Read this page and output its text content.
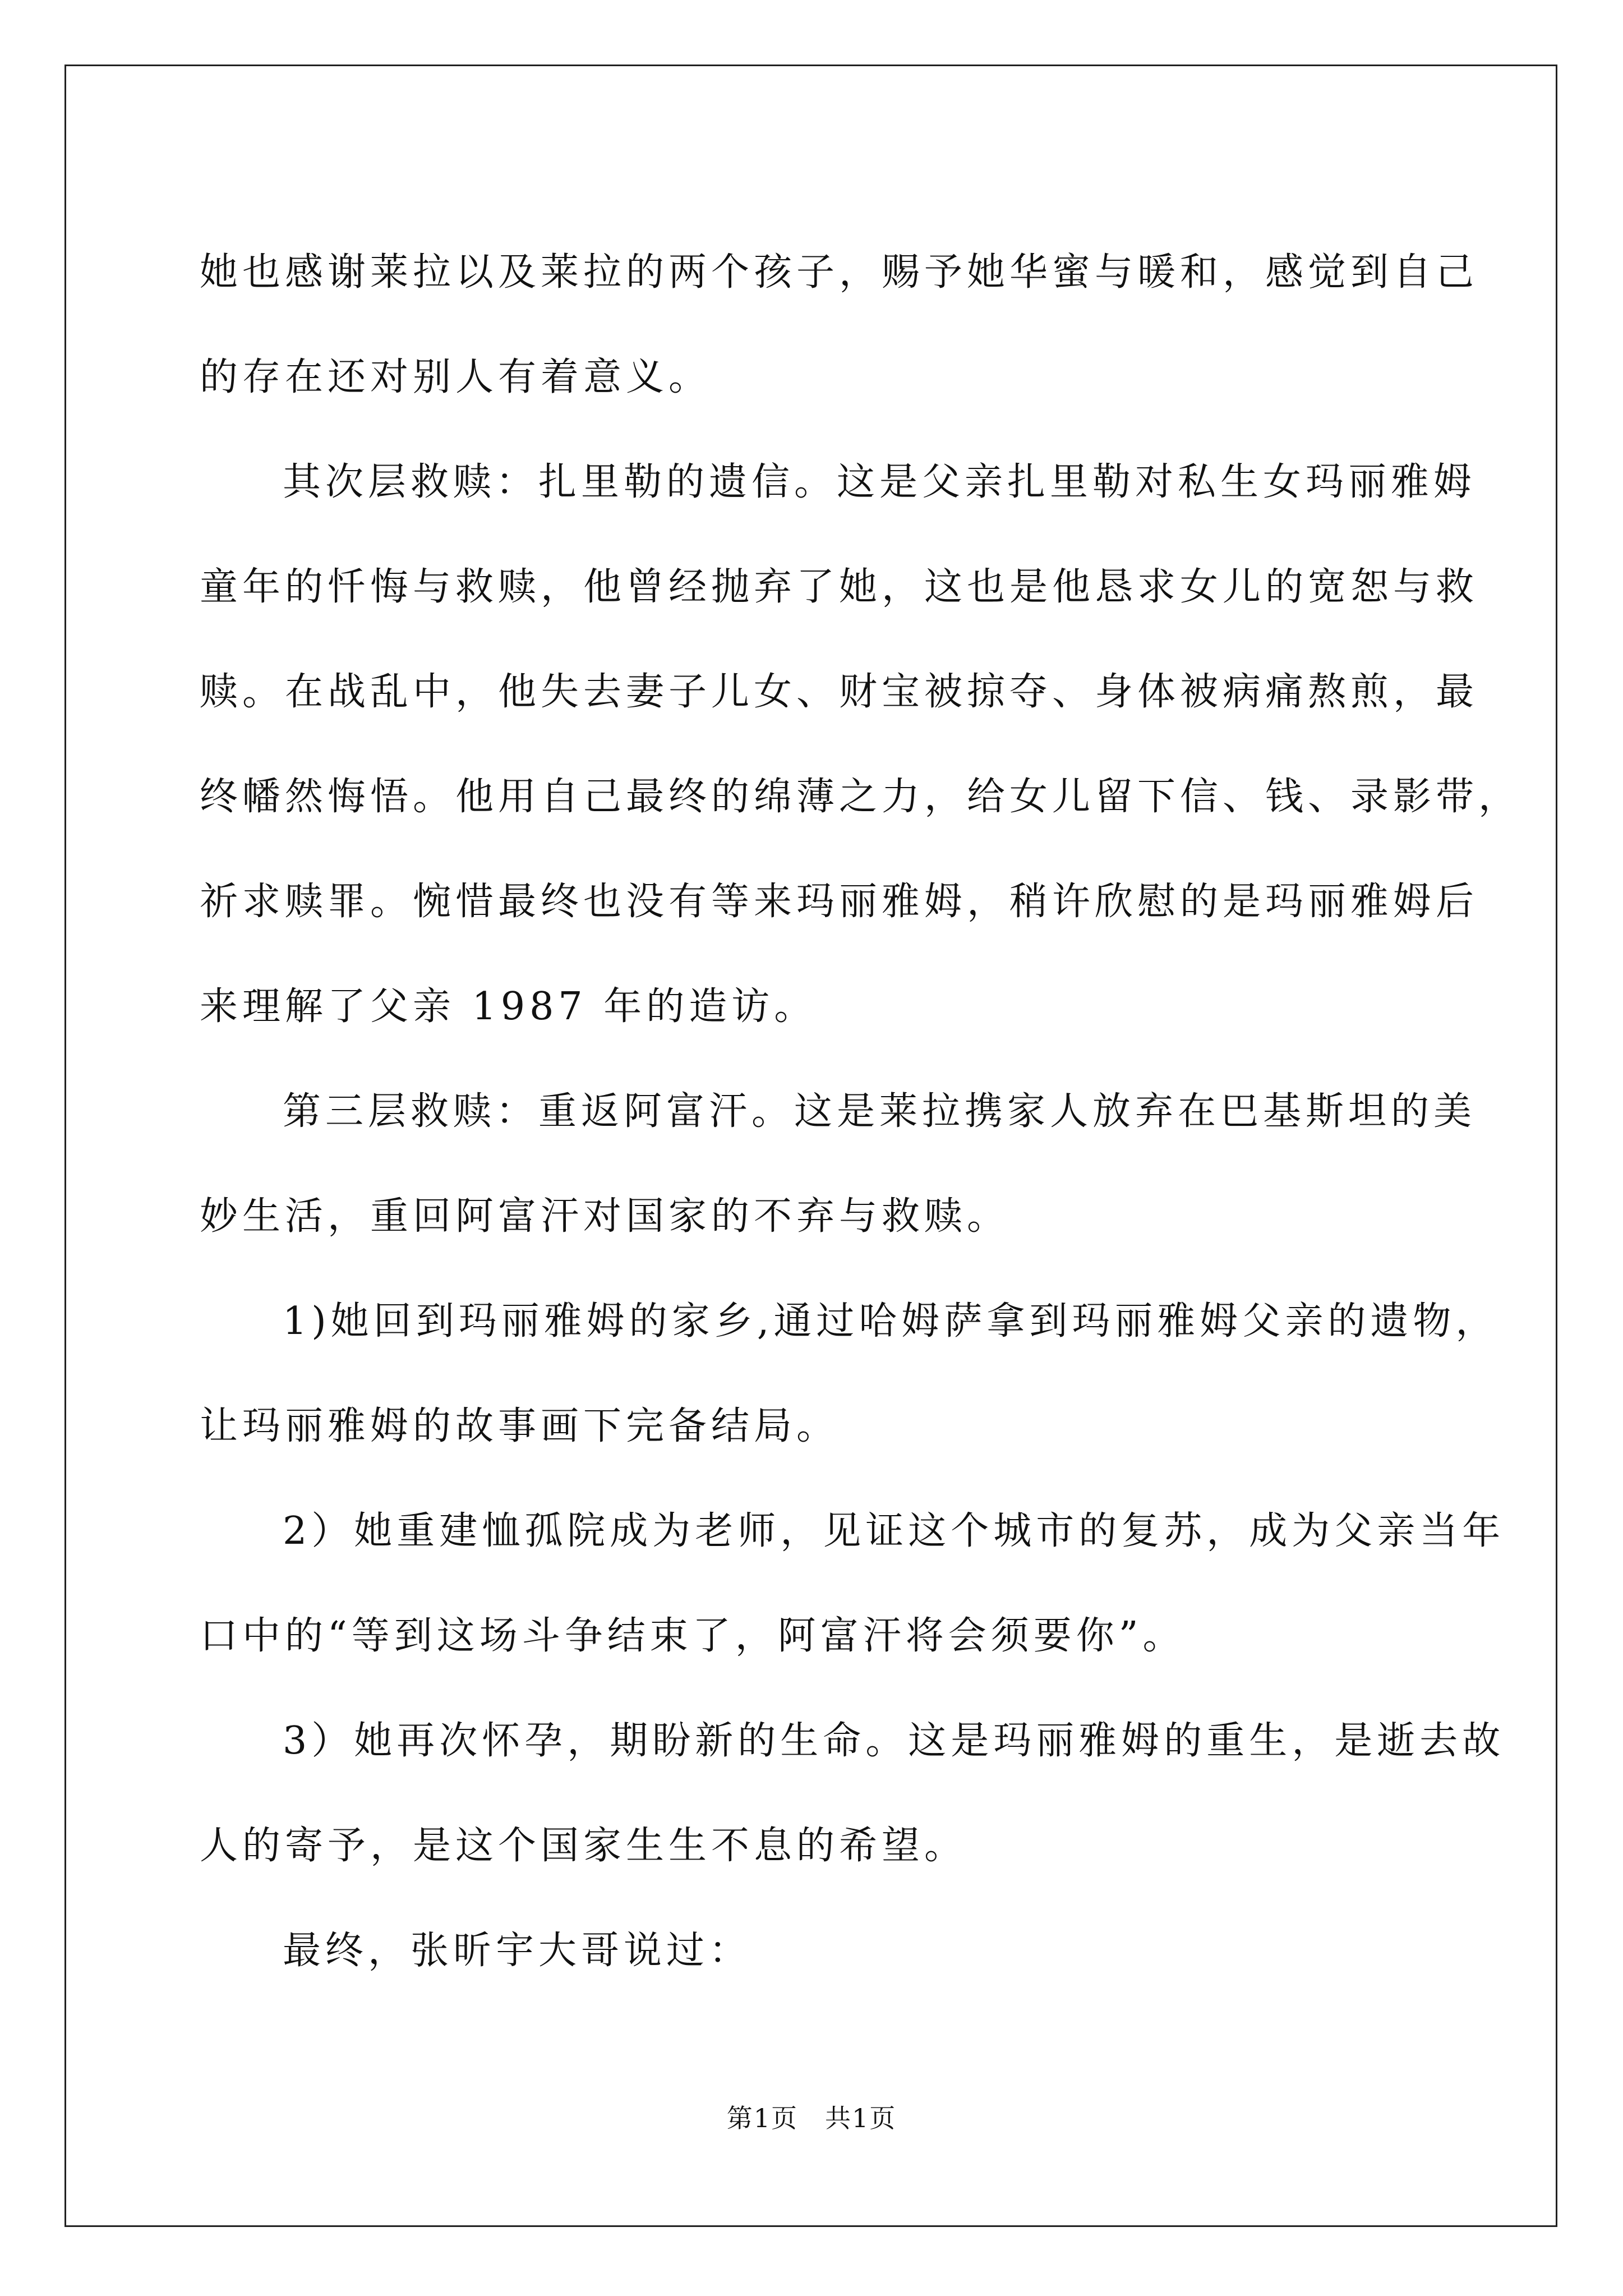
她也感谢莱拉以及莱拉的两个孩子，赐予她华蜜与暖和，感觉到自己
的存在还对别人有着意义。
其次层救赎：扎里勒的遗信。这是父亲扎里勒对私生女玛丽雅姆
童年的忏悔与救赎，他曾经抛弃了她，这也是他恳求女儿的宽恕与救
赎。在战乱中，他失去妻子儿女、财宝被掠夺、身体被病痛熬煎，最
终幡然悔悟。他用自己最终的绵薄之力，给女儿留下信、钱、录影带，
祈求赎罪。惋惜最终也没有等来玛丽雅姆，稍许欣慰的是玛丽雅姆后
来理解了父亲 1987 年的造访。
第三层救赎：重返阿富汗。这是莱拉携家人放弃在巴基斯坦的美
妙生活，重回阿富汗对国家的不弃与救赎。
1)她回到玛丽雅姆的家乡,通过哈姆萨拿到玛丽雅姆父亲的遗物，
让玛丽雅姆的故事画下完备结局。
2）她重建恤孤院成为老师，见证这个城市的复苏，成为父亲当年
口中的“等到这场斗争结束了，阿富汗将会须要你”。
3）她再次怀孕，期盼新的生命。这是玛丽雅姆的重生，是逝去故
人的寄予，是这个国家生生不息的希望。
最终，张昕宇大哥说过：
第1页　共1页
